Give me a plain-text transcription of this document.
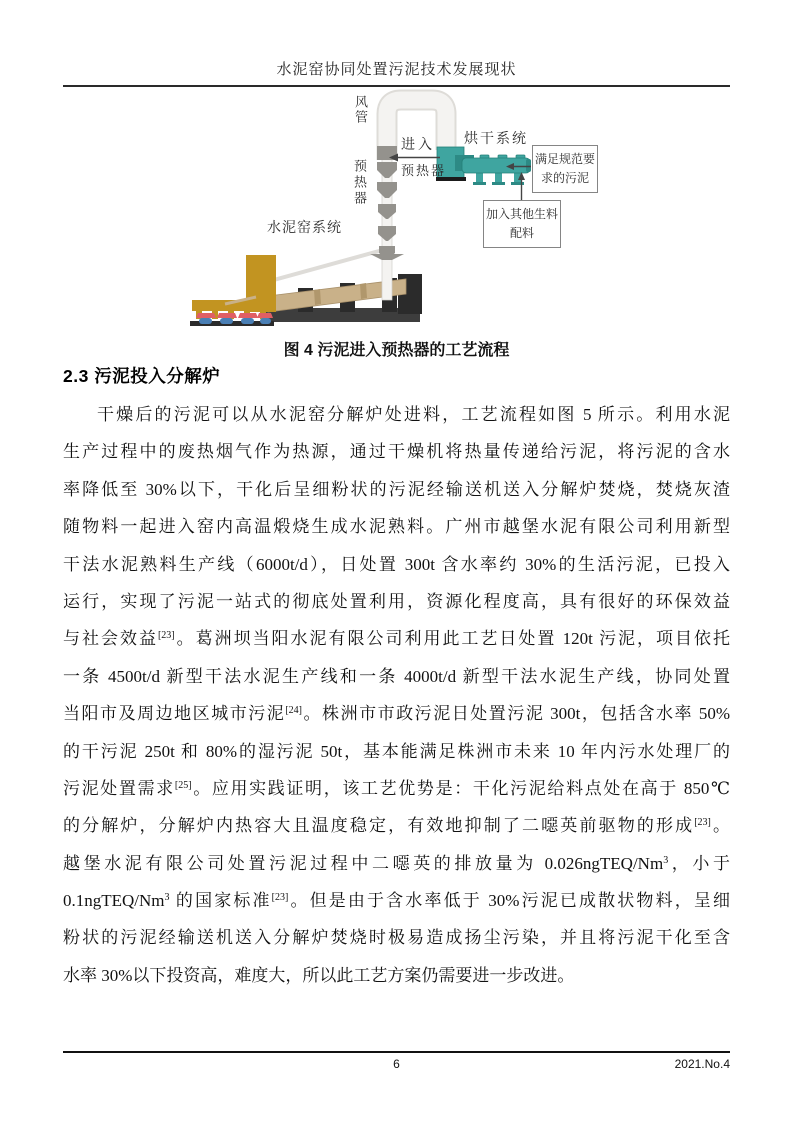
水泥窑协同处置污泥技术发展现状
风管
进入
预热器
烘干系统
预热器
水泥窑系统
满足规范要求的污泥
加入其他生料配料
图 4 污泥进入预热器的工艺流程
2.3 污泥投入分解炉
干燥后的污泥可以从水泥窑分解炉处进料，工艺流程如图 5 所示。利用水泥
生产过程中的废热烟气作为热源，通过干燥机将热量传递给污泥，将污泥的含水
率降低至 30%以下，干化后呈细粉状的污泥经输送机送入分解炉焚烧，焚烧灰渣
随物料一起进入窑内高温煅烧生成水泥熟料。广州市越堡水泥有限公司利用新型
干法水泥熟料生产线（6000t/d），日处置 300t 含水率约 30%的生活污泥，已投入
运行，实现了污泥一站式的彻底处置利用，资源化程度高，具有很好的环保效益
与社会效益[23]。葛洲坝当阳水泥有限公司利用此工艺日处置 120t 污泥，项目依托
一条 4500t/d 新型干法水泥生产线和一条 4000t/d 新型干法水泥生产线，协同处置
当阳市及周边地区城市污泥[24]。株洲市市政污泥日处置污泥 300t，包括含水率 50%
的干污泥 250t 和 80%的湿污泥 50t，基本能满足株洲市未来 10 年内污水处理厂的
污泥处置需求[25]。应用实践证明，该工艺优势是：干化污泥给料点处在高于 850℃
的分解炉，分解炉内热容大且温度稳定，有效地抑制了二噁英前驱物的形成[23]。
越堡水泥有限公司处置污泥过程中二噁英的排放量为 0.026ngTEQ/Nm$^3$，小于
0.1ngTEQ/Nm$^3$ 的国家标准[23]。但是由于含水率低于 30%污泥已成散状物料，呈细
粉状的污泥经输送机送入分解炉焚烧时极易造成扬尘污染，并且将污泥干化至含
水率 30%以下投资高，难度大，所以此工艺方案仍需要进一步改进。
6	2021.No.4
